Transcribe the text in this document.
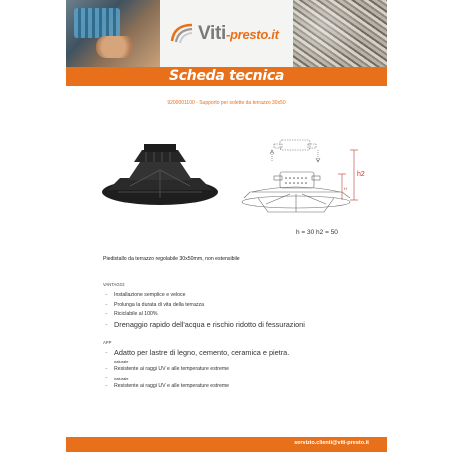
Viti-presto.it
Scheda tecnica
9200001100 - Supporto per solette da terrazzo 30x50
h2
H
h = 30 h2 = 50
Piedistallo da terrazzo regolabile 30x50mm, non estensibile
VANTAGGI:
– Installazione semplice e veloce
– Prolunga la durata di vita della terrazza
– Riciclabile al 100%
– Drenaggio rapido dell'acqua e rischio ridotto di fessurazioni
APP
– Adatto per lastre di legno, cemento, ceramica e pietra.
naturale
– Resistente ai raggi UV e alle temperature estreme
– naturale
– Resistente ai raggi UV e alle temperature estreme
servizio.clienti@viti-presto.it
